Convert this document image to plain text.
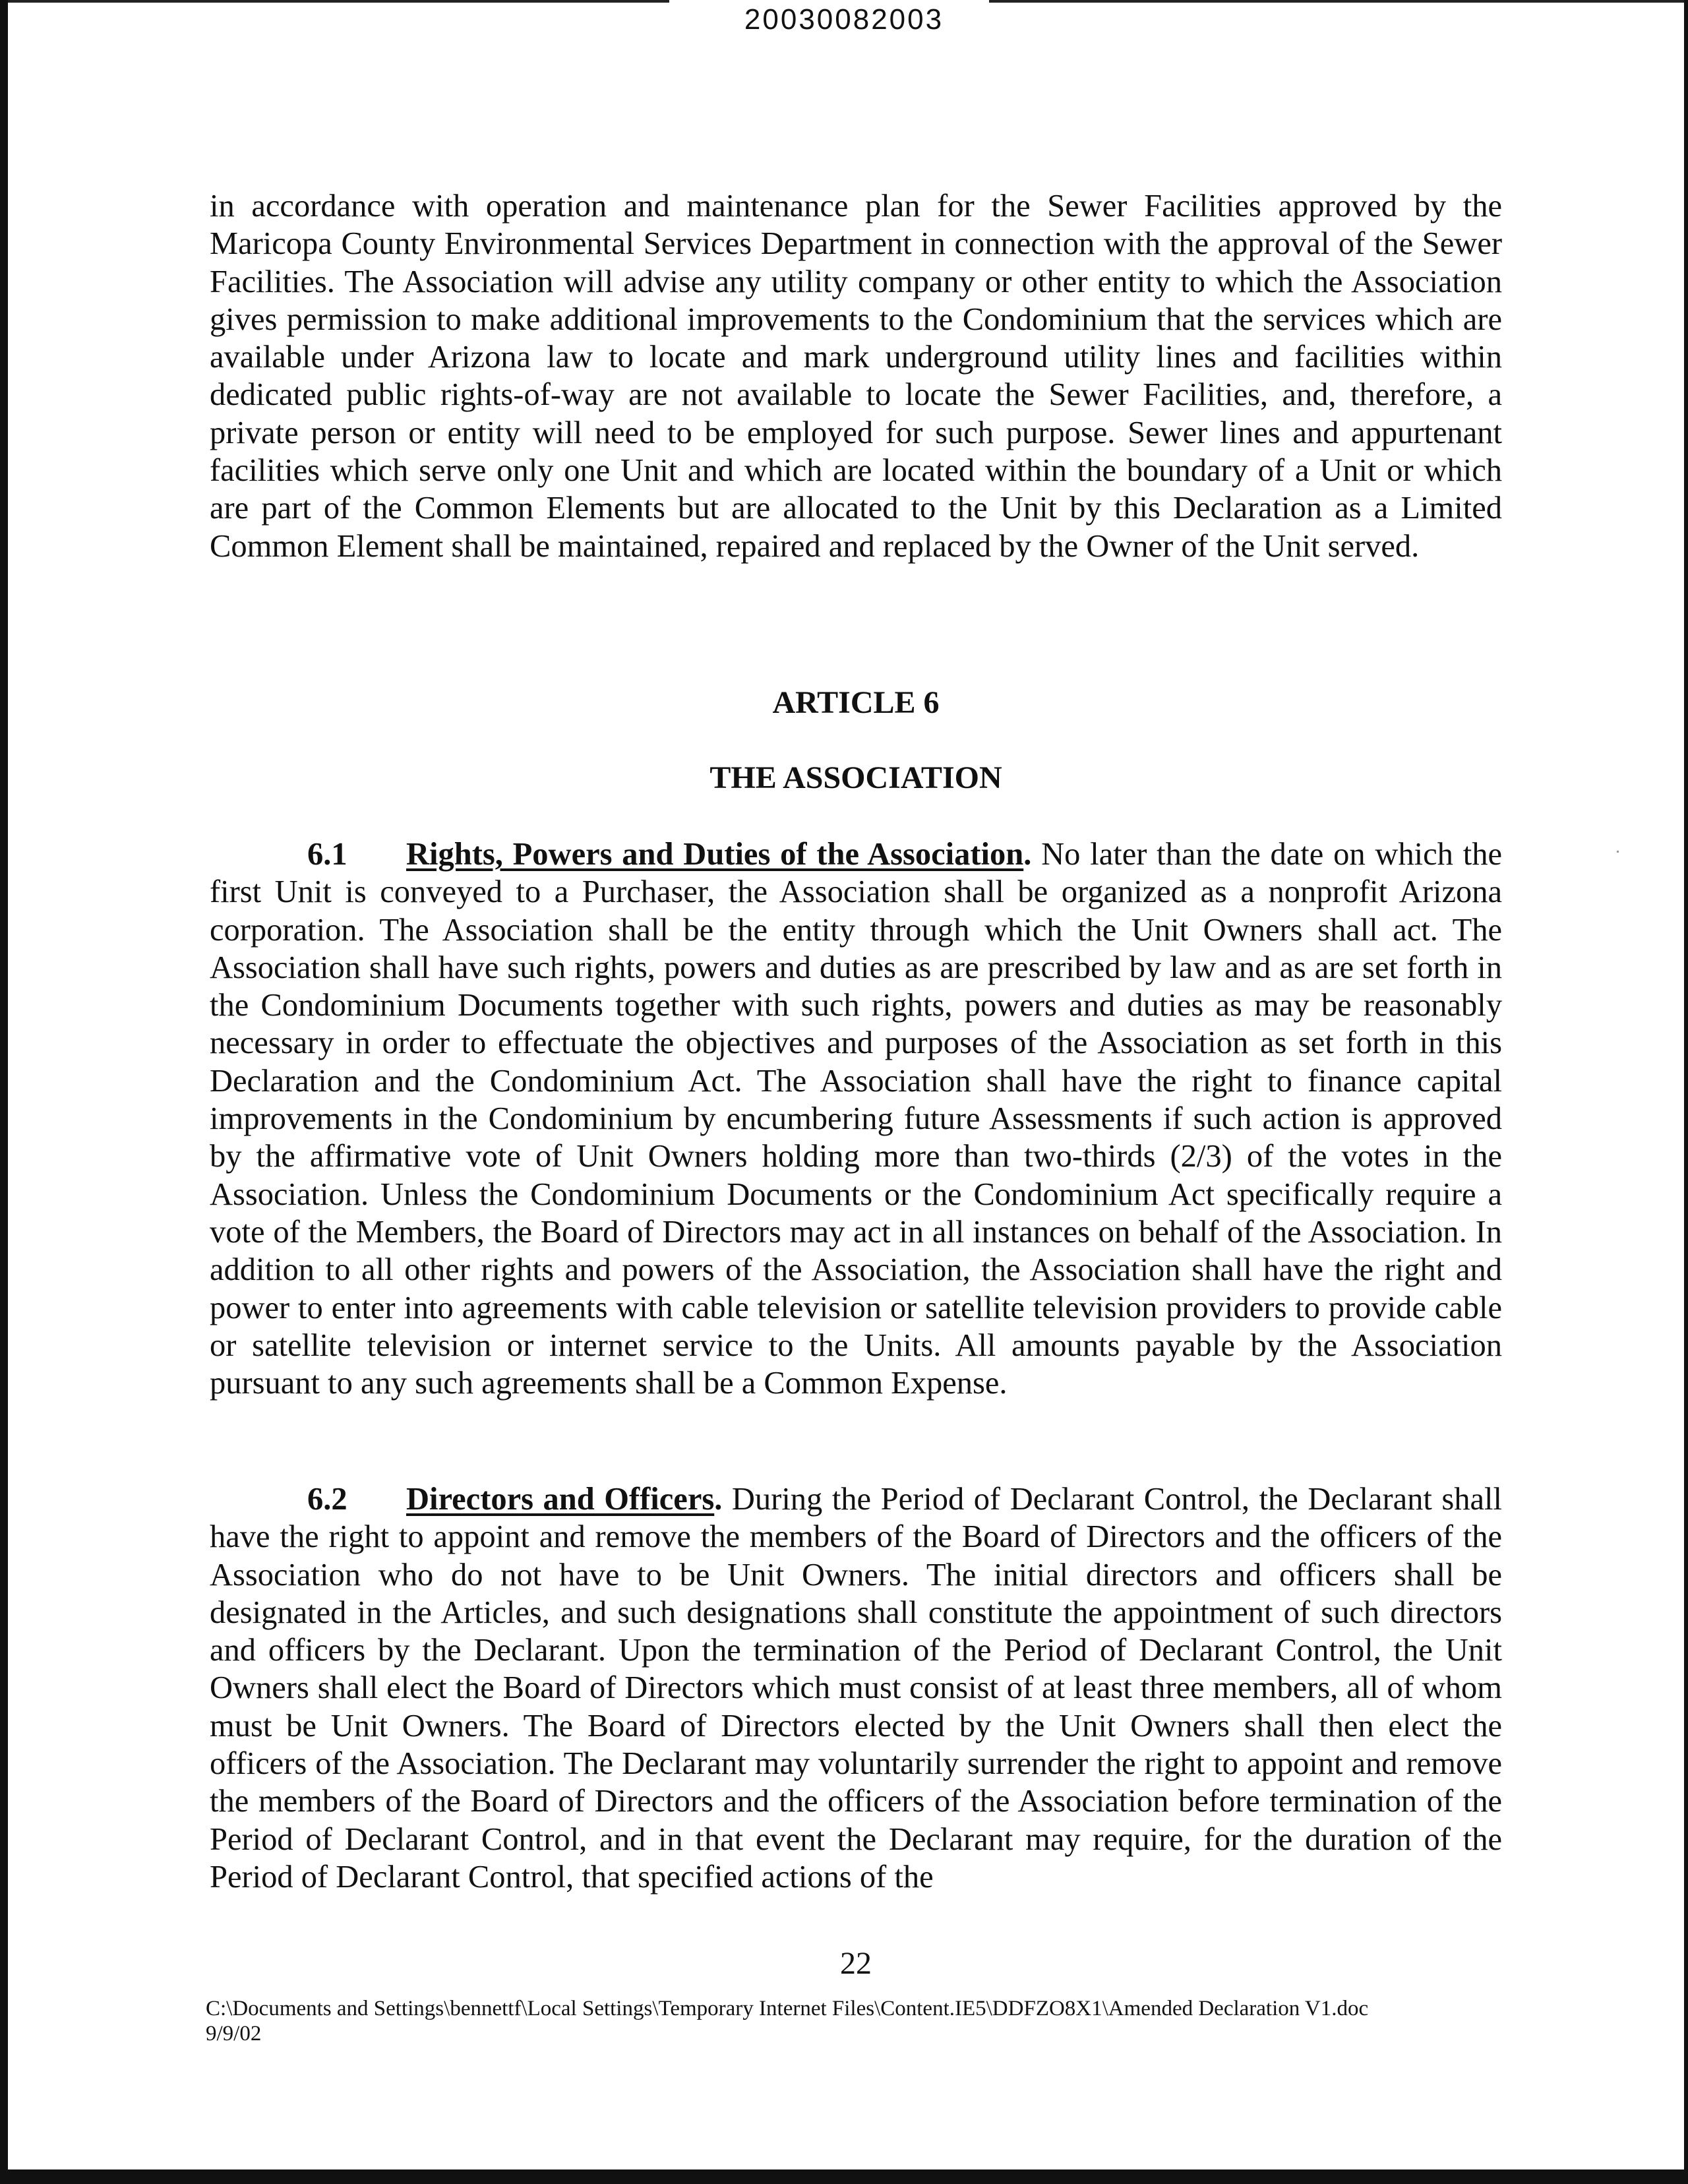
20030082003

in accordance with operation and maintenance plan for the Sewer Facilities approved by the Maricopa County Environmental Services Department in connection with the approval of the Sewer Facilities. The Association will advise any utility company or other entity to which the Association gives permission to make additional improvements to the Condominium that the services which are available under Arizona law to locate and mark underground utility lines and facilities within dedicated public rights-of-way are not available to locate the Sewer Facilities, and, therefore, a private person or entity will need to be employed for such purpose. Sewer lines and appurtenant facilities which serve only one Unit and which are located within the boundary of a Unit or which are part of the Common Elements but are allocated to the Unit by this Declaration as a Limited Common Element shall be maintained, repaired and replaced by the Owner of the Unit served.

ARTICLE 6
THE ASSOCIATION

6.1 Rights, Powers and Duties of the Association. No later than the date on which the first Unit is conveyed to a Purchaser, the Association shall be organized as a nonprofit Arizona corporation. The Association shall be the entity through which the Unit Owners shall act. The Association shall have such rights, powers and duties as are prescribed by law and as are set forth in the Condominium Documents together with such rights, powers and duties as may be reasonably necessary in order to effectuate the objectives and purposes of the Association as set forth in this Declaration and the Condominium Act. The Association shall have the right to finance capital improvements in the Condominium by encumbering future Assessments if such action is approved by the affirmative vote of Unit Owners holding more than two-thirds (2/3) of the votes in the Association. Unless the Condominium Documents or the Condominium Act specifically require a vote of the Members, the Board of Directors may act in all instances on behalf of the Association. In addition to all other rights and powers of the Association, the Association shall have the right and power to enter into agreements with cable television or satellite television providers to provide cable or satellite television or internet service to the Units. All amounts payable by the Association pursuant to any such agreements shall be a Common Expense.

6.2 Directors and Officers. During the Period of Declarant Control, the Declarant shall have the right to appoint and remove the members of the Board of Directors and the officers of the Association who do not have to be Unit Owners. The initial directors and officers shall be designated in the Articles, and such designations shall constitute the appointment of such directors and officers by the Declarant. Upon the termination of the Period of Declarant Control, the Unit Owners shall elect the Board of Directors which must consist of at least three members, all of whom must be Unit Owners. The Board of Directors elected by the Unit Owners shall then elect the officers of the Association. The Declarant may voluntarily surrender the right to appoint and remove the members of the Board of Directors and the officers of the Association before termination of the Period of Declarant Control, and in that event the Declarant may require, for the duration of the Period of Declarant Control, that specified actions of the

22
C:\Documents and Settings\bennettf\Local Settings\Temporary Internet Files\Content.IE5\DDFZO8X1\Amended Declaration V1.doc
9/9/02
